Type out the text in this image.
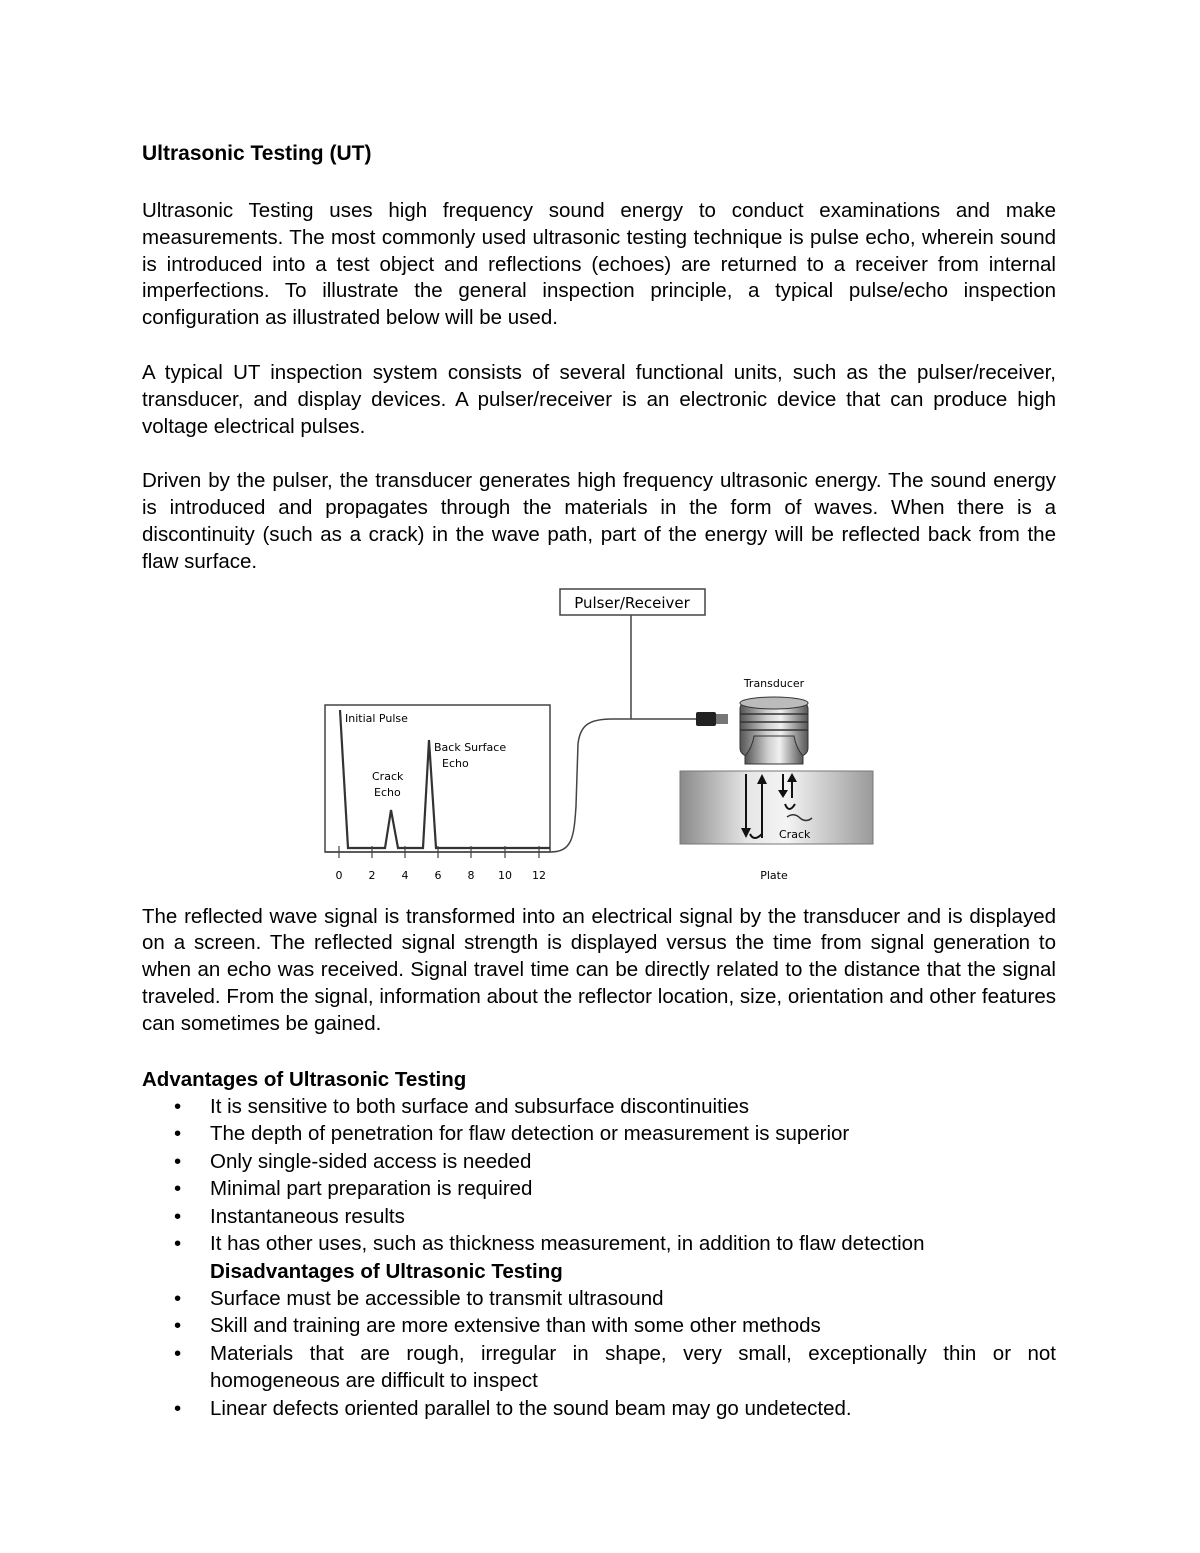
Ultrasonic Testing (UT)

Ultrasonic Testing uses high frequency sound energy to conduct examinations and make measurements. The most commonly used ultrasonic testing technique is pulse echo, wherein sound is introduced into a test object and reflections (echoes) are returned to a receiver from internal imperfections. To illustrate the general inspection principle, a typical pulse/echo inspection configuration as illustrated below will be used.

A typical UT inspection system consists of several functional units, such as the pulser/receiver, transducer, and display devices. A pulser/receiver is an electronic device that can produce high voltage electrical pulses.

Driven by the pulser, the transducer generates high frequency ultrasonic energy. The sound energy is introduced and propagates through the materials in the form of waves. When there is a discontinuity (such as a crack) in the wave path, part of the energy will be reflected back from the flaw surface.

Pulser/Receiver
Initial Pulse
Crack
Echo
Back Surface
Echo
0 2 4 6 8 10 12
Transducer
Plate
Crack

The reflected wave signal is transformed into an electrical signal by the transducer and is displayed on a screen. The reflected signal strength is displayed versus the time from signal generation to when an echo was received. Signal travel time can be directly related to the distance that the signal traveled. From the signal, information about the reflector location, size, orientation and other features can sometimes be gained.

Advantages of Ultrasonic Testing
• It is sensitive to both surface and subsurface discontinuities
• The depth of penetration for flaw detection or measurement is superior
• Only single-sided access is needed
• Minimal part preparation is required
• Instantaneous results
• It has other uses, such as thickness measurement, in addition to flaw detection
Disadvantages of Ultrasonic Testing
• Surface must be accessible to transmit ultrasound
• Skill and training are more extensive than with some other methods
• Materials that are rough, irregular in shape, very small, exceptionally thin or not homogeneous are difficult to inspect
• Linear defects oriented parallel to the sound beam may go undetected.
